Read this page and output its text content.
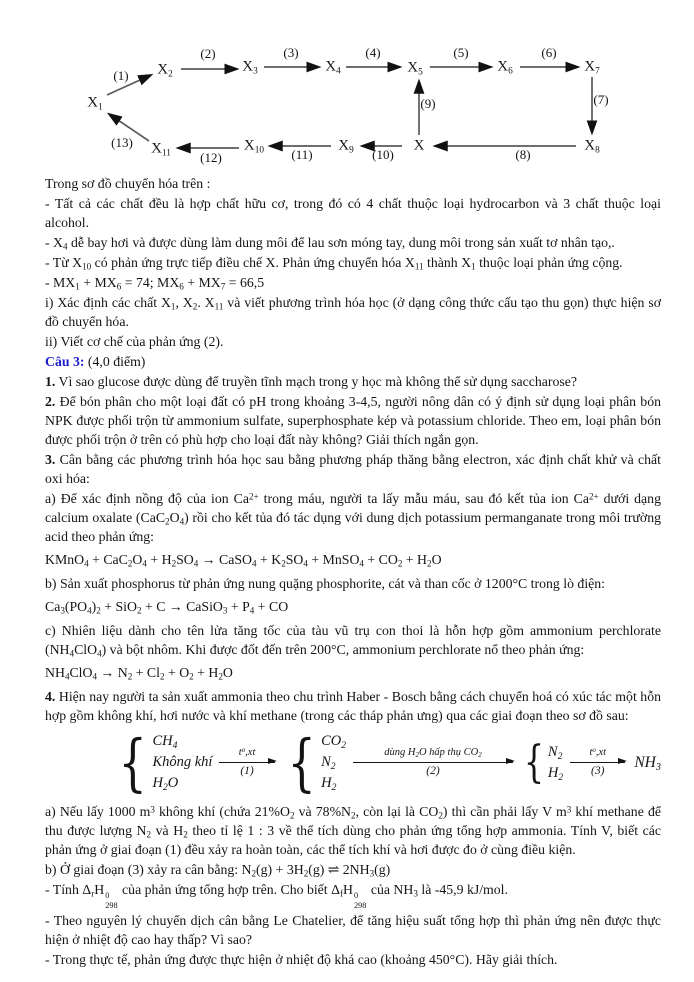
(1)
(2)	(3)	(4)	(5)	(6)
(7)
(8)
(9)
(10)
(11)
(12)
(13)
$X_1$
$X_2$	$X_3$	$X_4$	$X_5$	$X_6$	$X_7$
$X_8$
X
$X_9$
$X_{10}$
$X_{11}$

Trong sơ đồ chuyển hóa trên :

- Tất cả các chất đều là hợp chất hữu cơ, trong đó có 4 chất thuộc loại hydrocarbon và 3 chất thuộc loại alcohol.

- $X_4$ dễ bay hơi và được dùng làm dung môi để lau sơn móng tay, dung môi trong sản xuất tơ nhân tạo,.

- Từ $X_{10}$ có phản ứng trực tiếp điều chế X. Phản ứng chuyển hóa $X_{11}$ thành $X_1$ thuộc loại phản ứng cộng.

- $MX_1 + MX_6 = 74$; $MX_6 + MX_7 = 66,5$

i) Xác định các chất $X_1$, $X_2$. $X_{11}$ và viết phương trình hóa học (ở dạng công thức cấu tạo thu gọn) thực hiện sơ đồ chuyển hóa.

ii) Viết cơ chế của phản ứng (2).

Câu 3: (4,0 điểm)

1. Vì sao glucose được dùng để truyền tĩnh mạch trong y học mà không thể sử dụng saccharose?

2. Để bón phân cho một loại đất có pH trong khoảng 3-4,5, người nông dân có ý định sử dụng loại phân bón NPK được phối trộn từ ammonium sulfate, superphosphate kép và potassium chloride. Theo em, loại phân bón được phối trộn ở trên có phù hợp cho loại đất này không? Giải thích ngắn gọn.

3. Cân bằng các phương trình hóa học sau bằng phương pháp thăng bằng electron, xác định chất khử và chất oxi hóa:

a) Để xác định nồng độ của ion $Ca^{2+}$ trong máu, người ta lấy mẫu máu, sau đó kết tủa ion $Ca^{2+}$ dưới dạng calcium oxalate $(CaC_2O_4)$ rồi cho kết tủa đó tác dụng với dung dịch potassium permanganate trong môi trường acid theo phản ứng:

KMnO$_4$ + $CaC_2O_4 + H_2SO_4$ → CaSO$_4$ + $K_2SO_4$ + MnSO$_4$ + $CO_2 + H_2O$

b) Sản xuất phosphorus từ phản ứng nung quặng phosphorite, cát và than cốc ở 1200°C trong lò điện:

$Ca_3(PO_4)_2 + SiO_2 + C$ → CaSiO$_3$ + $P_4$ + CO

c) Nhiên liệu dành cho tên lửa tăng tốc của tàu vũ trụ con thoi là hỗn hợp gồm ammonium perchlorate $(NH_4ClO_4)$ và bột nhôm. Khi được đốt đến trên 200°C, ammonium perchlorate nổ theo phản ứng:

$NH_4ClO_4 \to N_2 + Cl_2 + O_2 + H_2O$

4. Hiện nay người ta sản xuất ammonia theo chu trình Haber - Bosch bằng cách chuyển hoá có xúc tác một hỗn hợp gồm không khí, hơi nước và khí methane (trong các tháp phản ưng) qua các giai đoạn theo sơ đồ sau:

{ $CH_4$
Không khí
$H_2O$
$t^o,xt$
(1) { $CO_2$
$N_2$
$H_2$
dùng $H_2O$ hấp thụ $CO_2$
(2) { $N_2$
$H_2$
$t^o,xt$
(3)
$NH_3$

a) Nếu lấy 1000 $m^3$ không khí (chứa $21\%O_2$ và $78\%N_2$, còn lại là $CO_2$) thì cần phải lấy V $m^3$ khí methane để thu được lượng $N_2$ và $H_2$ theo tỉ lệ 1 : 3 về thể tích dùng cho phản ứng tổng hợp ammonia. Tính V, biết các phản ứng ở giai đoạn (1) đều xảy ra hoàn toàn, các thể tích khí và hơi được đo ở cùng điều kiện.

b) Ở giai đoạn (3) xảy ra cân bằng: $N_2(g) + 3H_2(g)$ ⇌ $2NH_3(g)$

- Tính $\Delta_rH$ 0
298
của phản ứng tổng hợp trên. Cho biết $\Delta_fH$ 0
298
của $NH_3$ là -45,9 kJ/mol.

- Theo nguyên lý chuyển dịch cân bằng Le Chatelier, để tăng hiệu suất tổng hợp thì phản ứng nên được thực hiện ở nhiệt độ cao hay thấp? Vì sao?

- Trong thực tế, phản ứng được thực hiện ở nhiệt độ khá cao (khoảng 450°C). Hãy giải thích.
